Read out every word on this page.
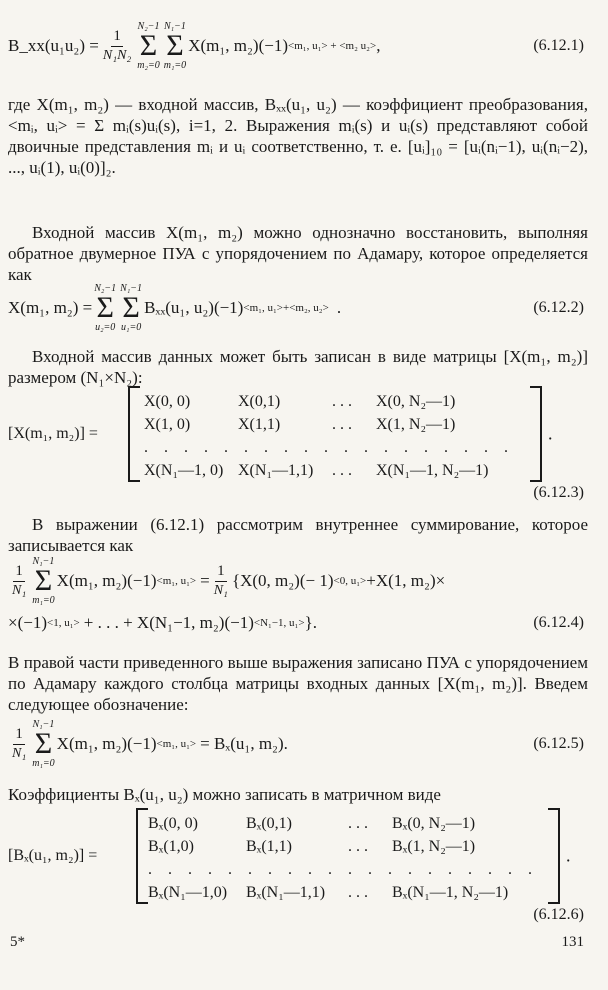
B_xx(u₁u₂) = $\frac{1}{\text{N₁N₂}}$
N₂−1
Σ
m₂=0
N₁−1
Σ
m₁=0
X(m₁, m₂)(−1) <m₁, u₁> + <m₂ u₂> ,	(6.12.1)
где X(m₁, m₂) — входной массив, Bₓₓ(u₁, u₂) — коэффициент преобразования, <mᵢ, uᵢ> = Σ mᵢ(s)uᵢ(s), i=1, 2. Выражения mᵢ(s) и uᵢ(s) представляют собой двоичные представления mᵢ и uᵢ соответственно, т. е. [uᵢ]₁₀ = [uᵢ(nᵢ−1), uᵢ(nᵢ−2), ..., uᵢ(1), uᵢ(0)]₂.
Входной массив X(m₁, m₂) можно однозначно восстановить, выполняя обратное двумерное ПУА с упорядочением по Адамару, которое определяется как
X(m₁, m₂) =
N₂−1
Σ
u₂=0
N₁−1
Σ
u₁=0
Bₓₓ(u₁, u₂)(−1) <m₁, u₁>+<m₂, u₂> .	(6.12.2)
Входной массив данных может быть записан в виде матрицы [X(m₁, m₂)] размером (N₁×N₂):
[X(m₁, m₂)] =
X(0, 0)	X(0,1)	. . .	X(0, N₂—1)
X(1, 0)	X(1,1)	. . .	X(1, N₂—1)
. . . . . . . . . . . . . . . . . . .
X(N₁—1, 0) X(N₁—1,1)	. . .	X(N₁—1, N₂—1)
.
(6.12.3)
В выражении (6.12.1) рассмотрим внутреннее суммирование, которое записывается как
$\frac{1}{\text{N₁}}$
N₁−1
Σ
m₁=0
X(m₁, m₂)(−1) <m₁, $u_1> = \frac{1}{\text{N₁}} \{X(0$, m₂)(− 1) <0, u₁> +X(1, m₂)×
×(−1) <1, u₁> + . . . + X(N₁−1, m₂)(−1) <N₁−1, u₁> }.	(6.12.4)
В правой части приведенного выше выражения записано ПУА с упорядочением по Адамару каждого столбца матрицы входных данных [X(m₁, m₂)]. Введем следующее обозначение:
$\frac{1}{\text{N₁}}$
N₁−1
Σ
m₁=0
X(m₁, m₂)(−1) <m₁, u₁> = Bₓ(u₁, m₂).	(6.12.5)
Коэффициенты Bₓ(u₁, u₂) можно записать в матричном виде
[Bₓ(u₁, m₂)] =
Bₓ(0, 0)	Bₓ(0,1)	. . .	Bₓ(0, N₂—1)
Bₓ(1,0)	Bₓ(1,1)	. . .	Bₓ(1, N₂—1)
. . . . . . . . . . . . . . . . . . . .
Bₓ(N₁—1,0)	Bₓ(N₁—1,1)	. . .	Bₓ(N₁—1, N₂—1)
.
(6.12.6)
5*	131
